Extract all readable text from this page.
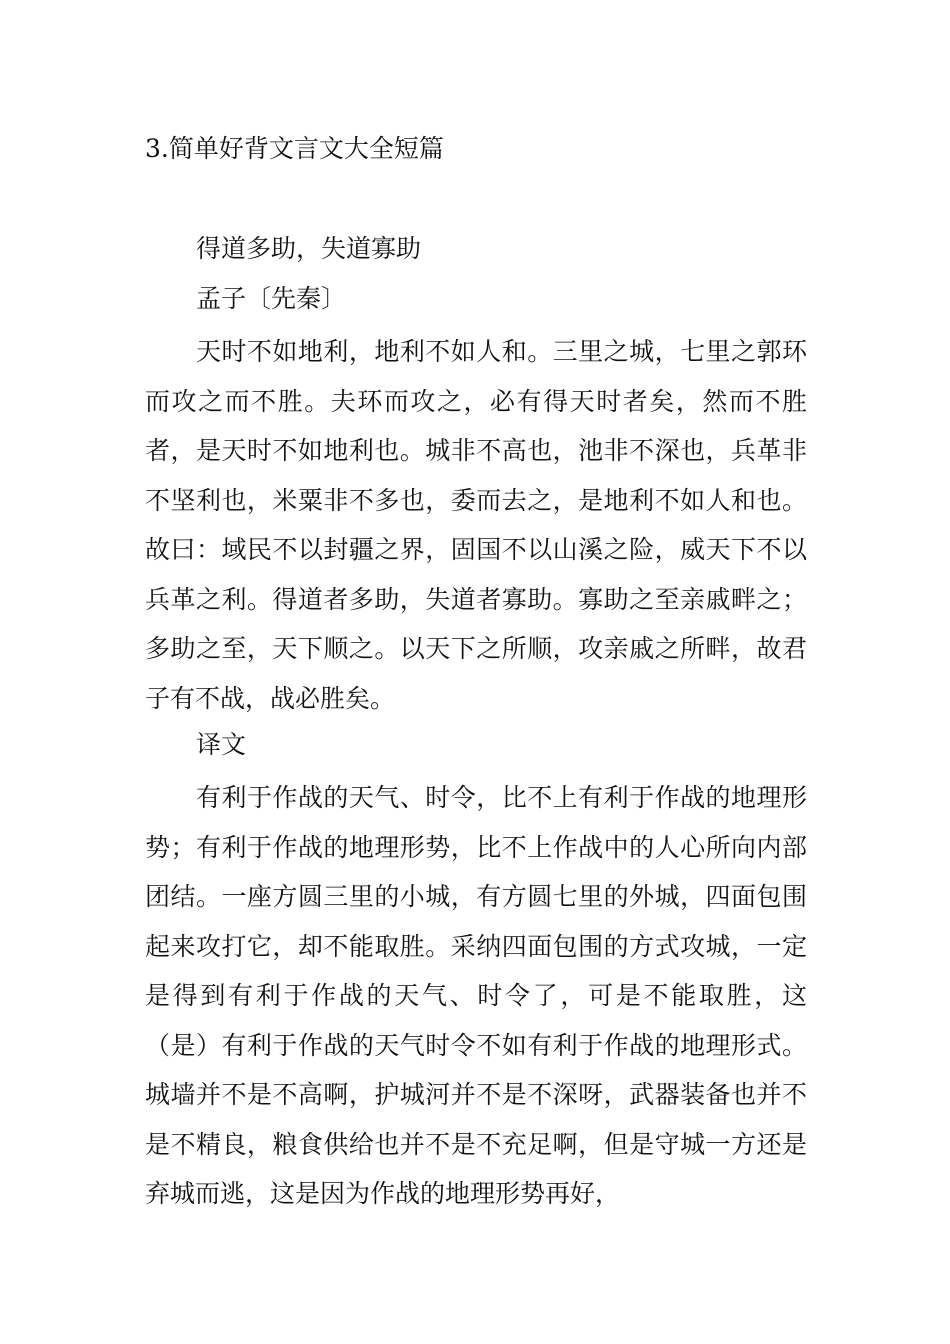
3.简单好背文言文大全短篇
得道多助，失道寡助
孟子〔先秦〕

天时不如地利，地利不如人和。三里之城，七里之郭环而攻之而不胜。夫环而攻之，必有得天时者矣，然而不胜者，是天时不如地利也。城非不高也，池非不深也，兵革非不坚利也，米粟非不多也，委而去之，是地利不如人和也。故曰：域民不以封疆之界，固国不以山溪之险，威天下不以兵革之利。得道者多助，失道者寡助。寡助之至亲戚畔之；多助之至，天下顺之。以天下之所顺，攻亲戚之所畔，故君子有不战，战必胜矣。

译文

有利于作战的天气、时令，比不上有利于作战的地理形势；有利于作战的地理形势，比不上作战中的人心所向内部团结。一座方圆三里的小城，有方圆七里的外城，四面包围起来攻打它，却不能取胜。采纳四面包围的方式攻城，一定是得到有利于作战的天气、时令了，可是不能取胜，这（是）有利于作战的天气时令不如有利于作战的地理形式。城墙并不是不高啊，护城河并不是不深呀，武器装备也并不是不精良，粮食供给也并不是不充足啊，但是守城一方还是弃城而逃，这是因为作战的地理形势再好，
